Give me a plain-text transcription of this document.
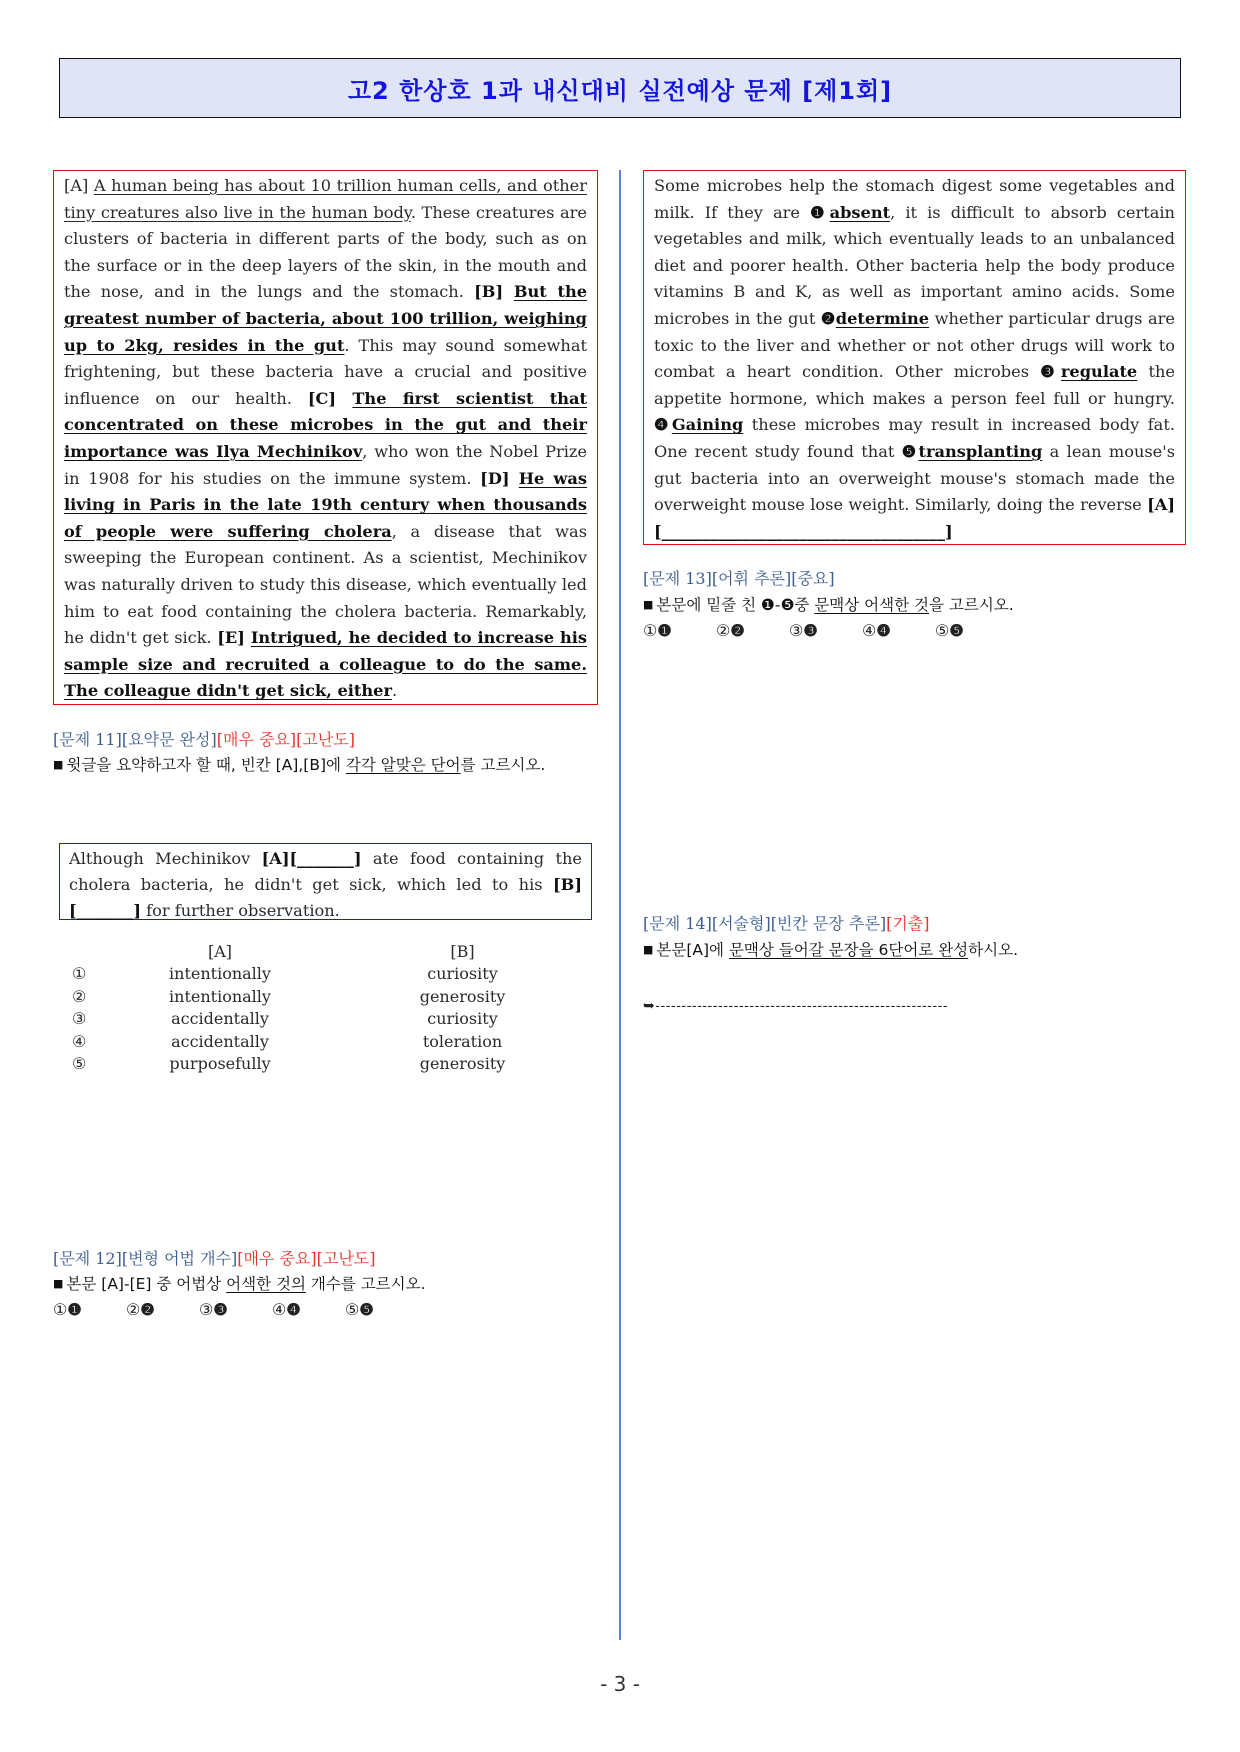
고2 한상호 1과 내신대비 실전예상 문제 [제1회]
[A] A human being has about 10 trillion human cells, and other tiny creatures also live in the human body. These creatures are clusters of bacteria in different parts of the body, such as on the surface or in the deep layers of the skin, in the mouth and the nose, and in the lungs and the stomach. [B] But the greatest number of bacteria, about 100 trillion, weighing up to 2kg, resides in the gut. This may sound somewhat frightening, but these bacteria have a crucial and positive influence on our health. [C] The first scientist that concentrated on these microbes in the gut and their importance was Ilya Mechinikov, who won the Nobel Prize in 1908 for his studies on the immune system. [D] He was living in Paris in the late 19th century when thousands of people were suffering cholera, a disease that was sweeping the European continent. As a scientist, Mechinikov was naturally driven to study this disease, which eventually led him to eat food containing the cholera bacteria. Remarkably, he didn't get sick. [E] Intrigued, he decided to increase his sample size and recruited a colleague to do the same. The colleague didn't get sick, either.
Some microbes help the stomach digest some vegetables and milk. If they are ❶absent, it is difficult to absorb certain vegetables and milk, which eventually leads to an unbalanced diet and poorer health. Other bacteria help the body produce vitamins B and K, as well as important amino acids. Some microbes in the gut ❷determine whether particular drugs are toxic to the liver and whether or not other drugs will work to combat a heart condition. Other microbes ❸regulate the appetite hormone, which makes a person feel full or hungry. ❹Gaining these microbes may result in increased body fat. One recent study found that ❺transplanting a lean mouse's gut bacteria into an overweight mouse's stomach made the overweight mouse lose weight. Similarly, doing the reverse [A][___________________________________]
[문제 11][요약문 완성][매우 중요][고난도]
■ 윗글을 요약하고자 할 때, 빈칸 [A],[B]에 각각 알맞은 단어를 고르시오.
Although Mechinikov [A][_______] ate food containing the cholera bacteria, he didn't get sick, which led to his [B][_______] for further observation.
[A]	[B]
①	intentionally	curiosity
②	intentionally	generosity
③	accidentally	curiosity
④	accidentally	toleration
⑤	purposefully	generosity
[문제 12][변형 어법 개수][매우 중요][고난도]
■ 본문 [A]-[E] 중 어법상 어색한 것의 개수를 고르시오.
①❶	②❷	③❸	④❹	⑤❺
[문제 13][어휘 추론][중요]
■ 본문에 밑줄 친 ❶-❺중 문맥상 어색한 것을 고르시오.
①❶	②❷	③❸	④❹	⑤❺
[문제 14][서술형][빈칸 문장 추론][기출]
■ 본문[A]에 문맥상 들어갈 문장을 6단어로 완성하시오.
➥--------------------------------------------------------
- 3 -
